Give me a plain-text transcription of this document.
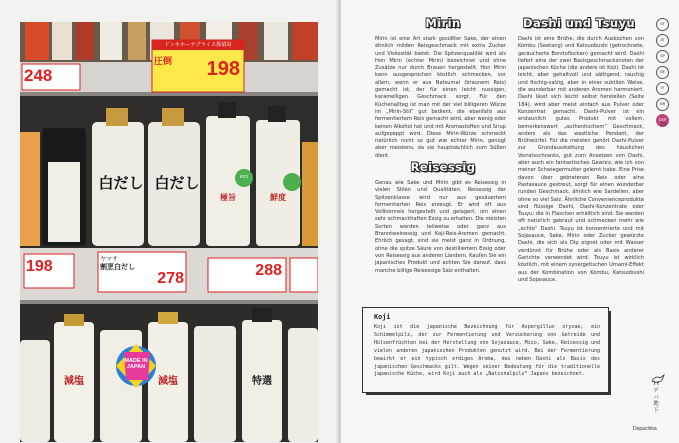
ドンキホーテプライス探偵局
圧倒	198
248
198	ヤマサ
割烹白だし
278	288
白だし 白だし
極旨	鮮度
eco
減塩	減塩	特選
MADE IN JAPAN
Mirin

Mirin ist eine Art stark gesüßter Sake, der einen ähnlich milden Reisgeschmack mit extra Zucker und Viskosität bietet. Die Spitzenqualität wird als Hon Mirin (echter Mirin) bezeichnet und ohne Zusätze nur durch Brauen hergestellt. Hon Mirin kann ausgesprochen köstlich schmecken, vor allem, wenn er aus Natsumai (braunem Reis) gemacht ist, der für einen leicht nussigen, karamelligen Geschmack sorgt. Für den Küchenalltag ist man mit der viel billigeren Würze im „Mirin-Stil“ gut bedient, die ebenfalls aus fermentiertem Reis gemacht wird, aber wenig oder keinen Alkohol hat und mit Aromastoffen und Sirup aufgepeppt wird. Diese Mirin-Würze schmeckt natürlich nicht so gut wie echter Mirin, genügt aber meistens, da sie hauptsächlich zum Süßen dient.

Reisessig

Genau wie Sake und Mirin gibt es Reisessig in vielen Stilen und Qualitäten. Reisessig der Spitzenklasse wird nur aus gesäuertem fermentierten Reis erzeugt. Er wird oft aus Vollkornreis hergestellt und gelagert, um einen sehr schmackhaften Essig zu erhalten. Die meisten Sorten werden teilweise oder ganz aus Branntweinessig und Koji-Reis-Aromen gemacht. Ehrlich gesagt, sind sie meist ganz in Ordnung, ohne die spitze Säure von destilliertem Essig oder von Reisessig aus anderen Ländern. Kaufen Sie ein japanisches Produkt und achten Sie darauf, dass manche billige Reisessige Salz enthalten.

Dashi und Tsuyu

Dashi ist eine Brühe, die durch Auskochen von Kombu (Seetang) und Katsuobushi (getrocknete, geräucherte Bonitoflocken) gemacht wird. Dashi liefert eine der zwei Basisgeschmacksnoten der japanischen Küche (die andere ist Koji). Dashi ist leicht, aber gehaltvoll und sättigend, rauchig und fischig-salzig, aber in einer subtilen Weise, die wunderbar mit anderen Aromen harmoniert. Dashi lässt sich leicht selbst herstellen (Seite 184), wird aber meist einfach aus Pulver oder Konzentrat gemacht. Dashi-Pulver ist ein erstaunlich gutes Produkt mit vollem, bemerkenswert „authentischem“ Geschmack, anders als das westliche Pendant, der Brühwürfel. Für die meisten gehört Dashi-Pulver zur Grundausstattung des häuslichen Vorratsschranks, gut zum Ansetzen von Dashi, aber auch ein fantastisches Gewürz, wie ich von meiner Schwiegermutter gelernt habe. Eine Prise davon über gebratenen Reis oder eine Pastasauce gestreut, sorgt für einen wunderbar runden Geschmack, ähnlich wie Sardellen, aber ohne so viel Salz. Ähnliche Convenienceprodukte sind flüssige Dashi, Dashi-Konzentrate oder Tsuyu; die in Flaschen erhältlich sind. Sie werden oft natürlich gebraut und schmecken mehr wie „echte“ Dashi. Tsuyu ist konzentrierte und mit Sojasauce, Sake, Mirin oder Zucker gewürzte Dashi, die sich als Dip eignet oder mit Wasser verdünnt für Brühe oder als Basis anderer Gerichte verwendet wird. Tsuyu ist wirklich köstlich, mit einem synergetischen Umami-Effekt aus der Kombination von Kombu, Katsuobushi und Sojasauce.

Koji

Koji ist die japanische Bezeichnung für Aspergillus oryzae, ein Schimmelpilz, der zur Fermentierung und Verzuckerung von Getreide und Hülsenfrüchten bei der Herstellung von Sojasauce, Miso, Sake, Reisessig und vielen anderen japanischen Produkten genutzt wird. Bei der Fermentierung bewirkt er ein typisch erdiges Aroma, das neben Dashi als Basis des japanischen Geschmacks gilt. Wegen seiner Bedeutung für die traditionelle japanische Küche, wird Koji auch als „Nationalpilz“ Japans bezeichnet.

SF
AT
SP
DE
TF
NR
DEP
23
デ
パ
地
下
Depachika
